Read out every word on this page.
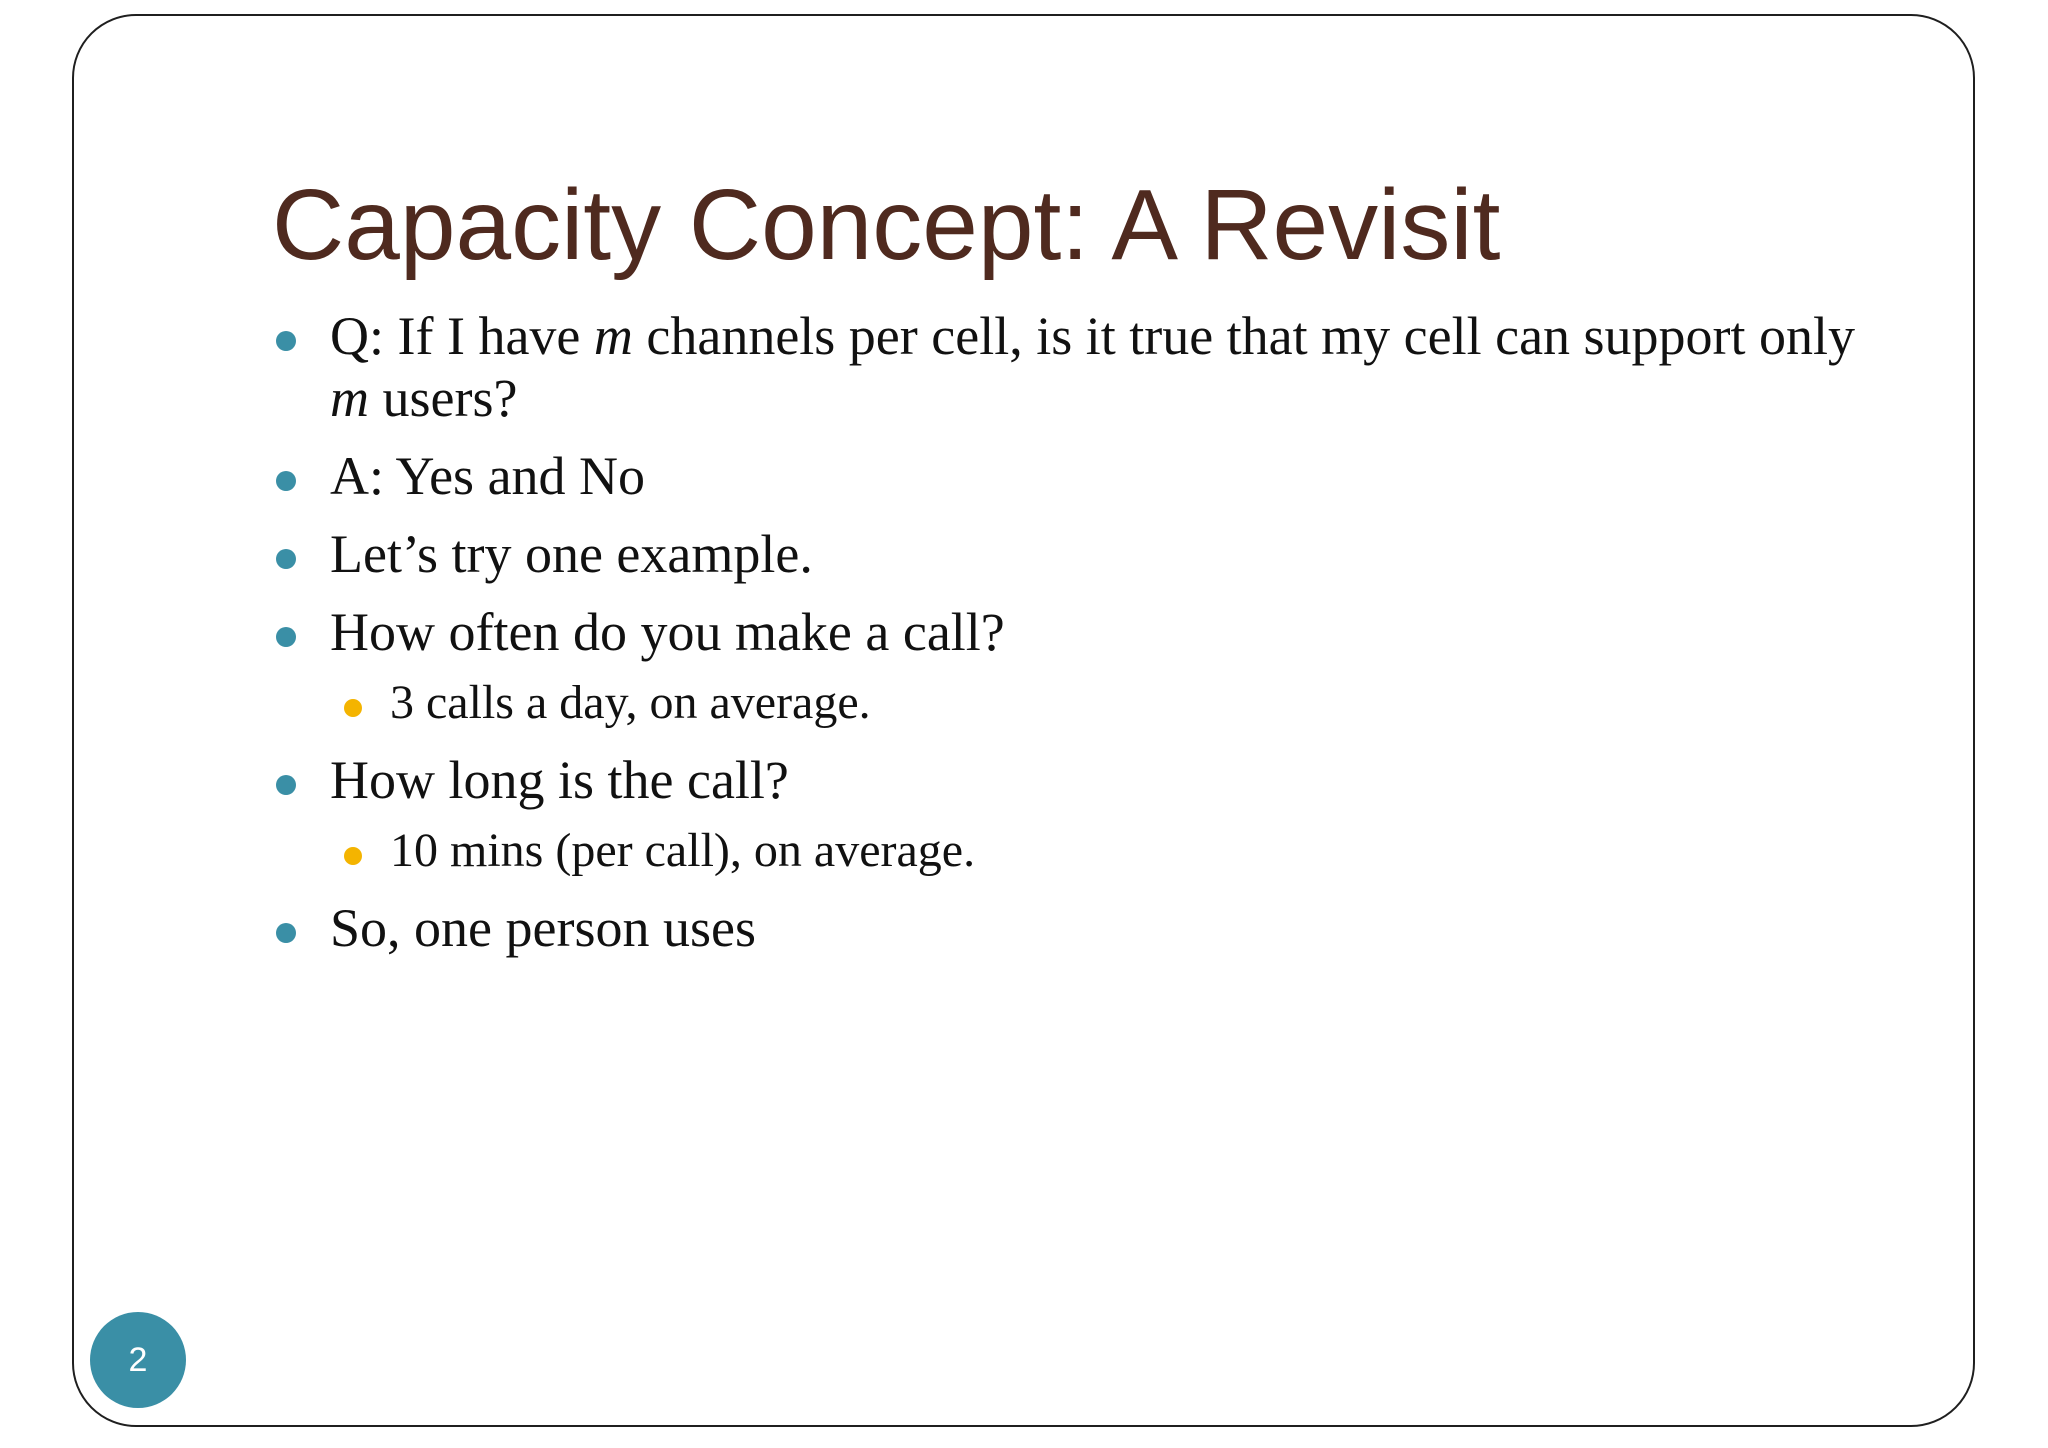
Capacity Concept: A Revisit
Q: If I have m channels per cell, is it true that my cell can support only m users?
A: Yes and No
Let’s try one example.
How often do you make a call?
3 calls a day, on average.
How long is the call?
10 mins (per call), on average.
So, one person uses
2
